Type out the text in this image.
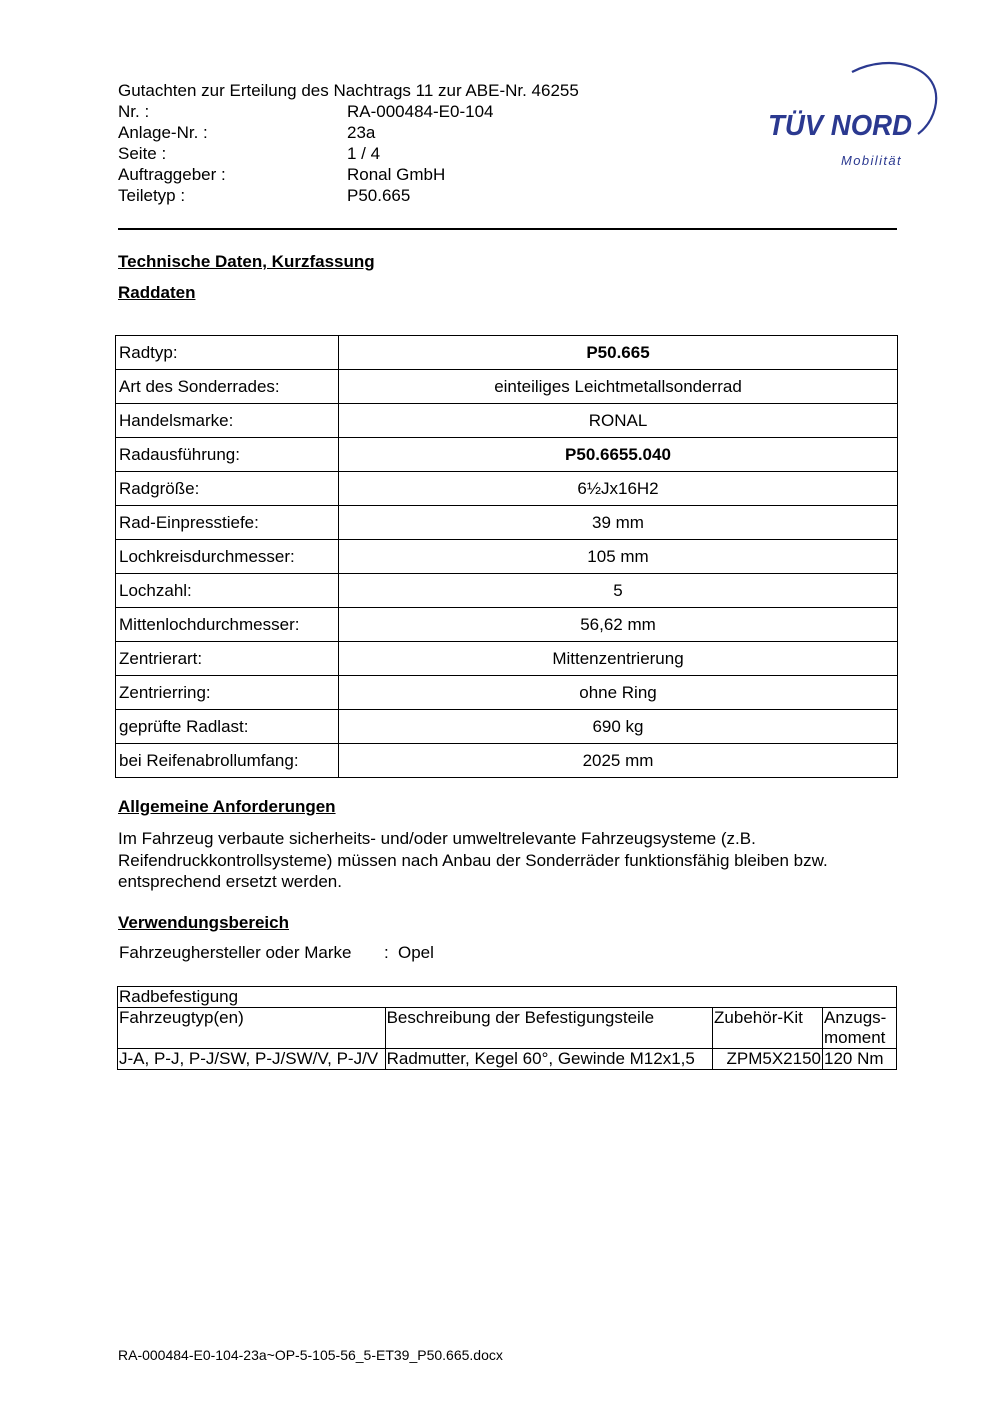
Gutachten zur Erteilung des Nachtrags 11 zur ABE-Nr. 46255
Nr. :	RA-000484-E0-104
Anlage-Nr. :	23a
Seite :	1 / 4
Auftraggeber :	Ronal GmbH
Teiletyp :	P50.665
TÜV NORD
Mobilität
Technische Daten, Kurzfassung
Raddaten
Radtyp:	P50.665
Art des Sonderrades:	einteiliges Leichtmetallsonderrad
Handelsmarke:	RONAL
Radausführung:	P50.6655.040
Radgröße:	6½Jx16H2
Rad-Einpresstiefe:	39 mm
Lochkreisdurchmesser:	105 mm
Lochzahl:	5
Mittenlochdurchmesser:	56,62 mm
Zentrierart:	Mittenzentrierung
Zentrierring:	ohne Ring
geprüfte Radlast:	690 kg
bei Reifenabrollumfang:	2025 mm
Allgemeine Anforderungen
Im Fahrzeug verbaute sicherheits- und/oder umweltrelevante Fahrzeugsysteme (z.B. Reifendruckkontrollsysteme) müssen nach Anbau der Sonderräder funktionsfähig bleiben bzw. entsprechend ersetzt werden.
Verwendungsbereich
Fahrzeughersteller oder Marke	: Opel
Radbefestigung			
Fahrzeugtyp(en)	Beschreibung der Befestigungsteile	Zubehör-Kit	Anzugs-moment
J-A, P-J, P-J/SW, P-J/SW/V, P-J/V	Radmutter, Kegel 60°, Gewinde M12x1,5	ZPM5X2150	120 Nm
RA-000484-E0-104-23a~OP-5-105-56_5-ET39_P50.665.docx
